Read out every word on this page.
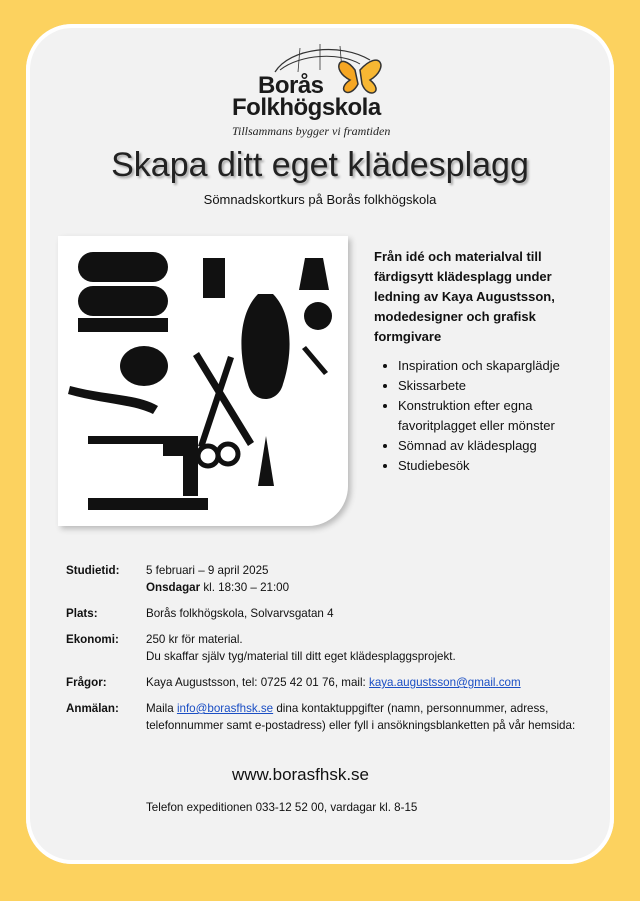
Borås
Folkhögskola
Tillsammans bygger vi framtiden
Skapa ditt eget klädesplagg
Sömnadskortkurs på Borås folkhögskola
Från idé och materialval till färdigsytt klädesplagg under ledning av Kaya Augustsson, modedesigner och grafisk formgivare
• Inspiration och skaparglädje
• Skissarbete
• Konstruktion efter egna favoritplagget eller mönster
• Sömnad av klädesplagg
• Studiebesök
Studietid:	5 februari – 9 april 2025
Onsdagar kl. 18:30 – 21:00
Plats:	Borås folkhögskola, Solvarvsgatan 4
Ekonomi:	250 kr för material.
Du skaffar själv tyg/material till ditt eget klädesplaggsprojekt.
Frågor:	Kaya Augustsson, tel: 0725 42 01 76, mail: kaya.augustsson@gmail.com
Anmälan:	Maila info@borasfhsk.se dina kontaktuppgifter (namn, personnummer, adress, telefonnummer samt e-postadress) eller fyll i ansökningsblanketten på vår hemsida:
www.borasfhsk.se
Telefon expeditionen 033-12 52 00, vardagar kl. 8-15
